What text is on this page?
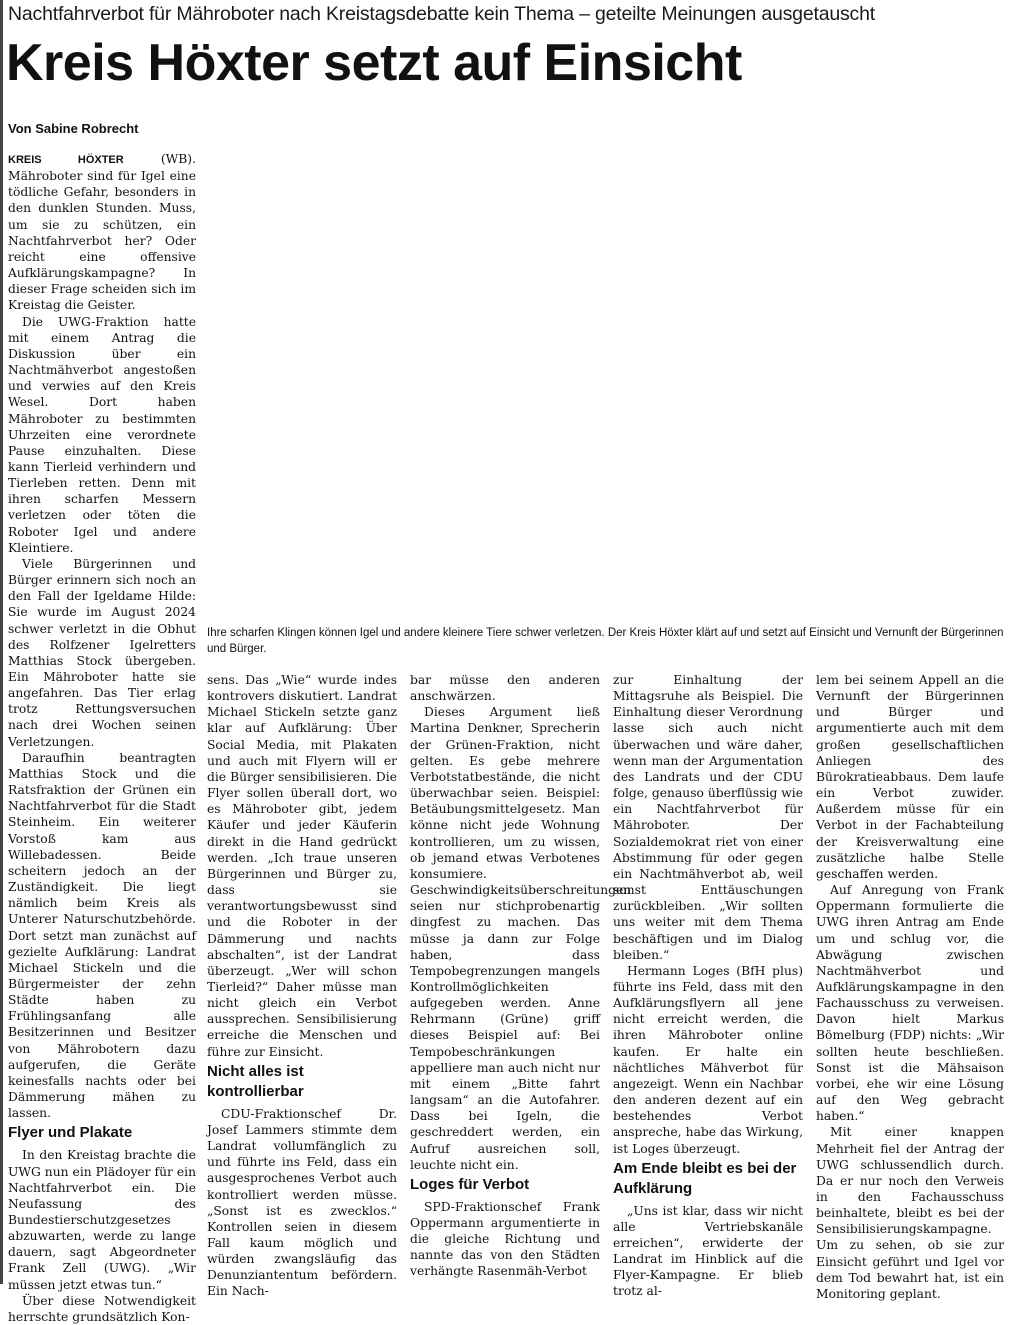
Nachtfahrverbot für Mähroboter nach Kreistagsdebatte kein Thema – geteilte Meinungen ausgetauscht
Kreis Höxter setzt auf Einsicht
Von Sabine Robrecht
Ihre scharfen Klingen können Igel und andere kleinere Tiere schwer verletzen. Der Kreis Höxter klärt auf und setzt auf Einsicht und Vernunft der Bürgerinnen und Bürger.

KREIS HÖXTER (WB). Mähroboter sind für Igel eine tödliche Gefahr, besonders in den dunklen Stunden. Muss, um sie zu schützen, ein Nachtfahrverbot her? Oder reicht eine offensive Aufklärungskampagne? In dieser Frage scheiden sich im Kreistag die Geister.

Die UWG-Fraktion hatte mit einem Antrag die Diskussion über ein Nachtmähverbot angestoßen und verwies auf den Kreis Wesel. Dort haben Mähroboter zu bestimmten Uhrzeiten eine verordnete Pause einzuhalten. Diese kann Tierleid verhindern und Tierleben retten. Denn mit ihren scharfen Messern verletzen oder töten die Roboter Igel und andere Kleintiere.

Viele Bürgerinnen und Bürger erinnern sich noch an den Fall der Igeldame Hilde: Sie wurde im August 2024 schwer verletzt in die Obhut des Rolfzener Igelretters Matthias Stock übergeben. Ein Mähroboter hatte sie angefahren. Das Tier erlag trotz Rettungsversuchen nach drei Wochen seinen Verletzungen.

Daraufhin beantragten Matthias Stock und die Ratsfraktion der Grünen ein Nachtfahrverbot für die Stadt Steinheim. Ein weiterer Vorstoß kam aus Willebadessen. Beide scheitern jedoch an der Zuständigkeit. Die liegt nämlich beim Kreis als Unterer Naturschutzbehörde. Dort setzt man zunächst auf gezielte Aufklärung: Landrat Michael Stickeln und die Bürgermeister der zehn Städte haben zu Frühlingsanfang alle Besitzerinnen und Besitzer von Mährobotern dazu aufgerufen, die Geräte keinesfalls nachts oder bei Dämmerung mähen zu lassen.

Flyer und Plakate

In den Kreistag brachte die UWG nun ein Plädoyer für ein Nachtfahrverbot ein. Die Neufassung des Bundestierschutzgesetzes abzuwarten, werde zu lange dauern, sagt Abgeordneter Frank Zell (UWG). „Wir müssen jetzt etwas tun.“

Über diese Notwendigkeit herrschte grundsätzlich Kon-

sens. Das „Wie“ wurde indes kontrovers diskutiert. Landrat Michael Stickeln setzte ganz klar auf Aufklärung: Über Social Media, mit Plakaten und auch mit Flyern will er die Bürger sensibilisieren. Die Flyer sollen überall dort, wo es Mähroboter gibt, jedem Käufer und jeder Käuferin direkt in die Hand gedrückt werden. „Ich traue unseren Bürgerinnen und Bürger zu, dass sie verantwortungsbewusst sind und die Roboter in der Dämmerung und nachts abschalten“, ist der Landrat überzeugt. „Wer will schon Tierleid?“ Daher müsse man nicht gleich ein Verbot aussprechen. Sensibilisierung erreiche die Menschen und führe zur Einsicht.

Nicht alles ist kontrollierbar

CDU-Fraktionschef Dr. Josef Lammers stimmte dem Landrat vollumfänglich zu und führte ins Feld, dass ein ausgesprochenes Verbot auch kontrolliert werden müsse. „Sonst ist es zwecklos.“ Kontrollen seien in diesem Fall kaum möglich und würden zwangsläufig das Denunziantentum befördern. Ein Nach-

bar müsse den anderen anschwärzen.

Dieses Argument ließ Martina Denkner, Sprecherin der Grünen-Fraktion, nicht gelten. Es gebe mehrere Verbotstatbestände, die nicht überwachbar seien. Beispiel: Betäubungsmittelgesetz. Man könne nicht jede Wohnung kontrollieren, um zu wissen, ob jemand etwas Verbotenes konsumiere. Geschwindigkeitsüberschreitungen seien nur stichprobenartig dingfest zu machen. Das müsse ja dann zur Folge haben, dass Tempobegrenzungen mangels Kontrollmöglichkeiten aufgegeben werden. Anne Rehrmann (Grüne) griff dieses Beispiel auf: Bei Tempobeschränkungen appelliere man auch nicht nur mit einem „Bitte fahrt langsam“ an die Autofahrer. Dass bei Igeln, die geschreddert werden, ein Aufruf ausreichen soll, leuchte nicht ein.

Loges für Verbot

SPD-Fraktionschef Frank Oppermann argumentierte in die gleiche Richtung und nannte das von den Städten verhängte Rasenmäh-Verbot

zur Einhaltung der Mittagsruhe als Beispiel. Die Einhaltung dieser Verordnung lasse sich auch nicht überwachen und wäre daher, wenn man der Argumentation des Landrats und der CDU folge, genauso überflüssig wie ein Nachtfahrverbot für Mähroboter. Der Sozialdemokrat riet von einer Abstimmung für oder gegen ein Nachtmähverbot ab, weil sonst Enttäuschungen zurückbleiben. „Wir sollten uns weiter mit dem Thema beschäftigen und im Dialog bleiben.“

Hermann Loges (BfH plus) führte ins Feld, dass mit den Aufklärungsflyern all jene nicht erreicht werden, die ihren Mähroboter online kaufen. Er halte ein nächtliches Mähverbot für angezeigt. Wenn ein Nachbar den anderen dezent auf ein bestehendes Verbot anspreche, habe das Wirkung, ist Loges überzeugt.

Am Ende bleibt es bei der Aufklärung

„Uns ist klar, dass wir nicht alle Vertriebskanäle erreichen“, erwiderte der Landrat im Hinblick auf die Flyer-Kampagne. Er blieb trotz al-

lem bei seinem Appell an die Vernunft der Bürgerinnen und Bürger und argumentierte auch mit dem großen gesellschaftlichen Anliegen des Bürokratieabbaus. Dem laufe ein Verbot zuwider. Außerdem müsse für ein Verbot in der Fachabteilung der Kreisverwaltung eine zusätzliche halbe Stelle geschaffen werden.

Auf Anregung von Frank Oppermann formulierte die UWG ihren Antrag am Ende um und schlug vor, die Abwägung zwischen Nachtmähverbot und Aufklärungskampagne in den Fachausschuss zu verweisen. Davon hielt Markus Bömelburg (FDP) nichts: „Wir sollten heute beschließen. Sonst ist die Mähsaison vorbei, ehe wir eine Lösung auf den Weg gebracht haben.“

Mit einer knappen Mehrheit fiel der Antrag der UWG schlussendlich durch. Da er nur noch den Verweis in den Fachausschuss beinhaltete, bleibt es bei der Sensibilisierungskampagne. Um zu sehen, ob sie zur Einsicht geführt und Igel vor dem Tod bewahrt hat, ist ein Monitoring geplant.
